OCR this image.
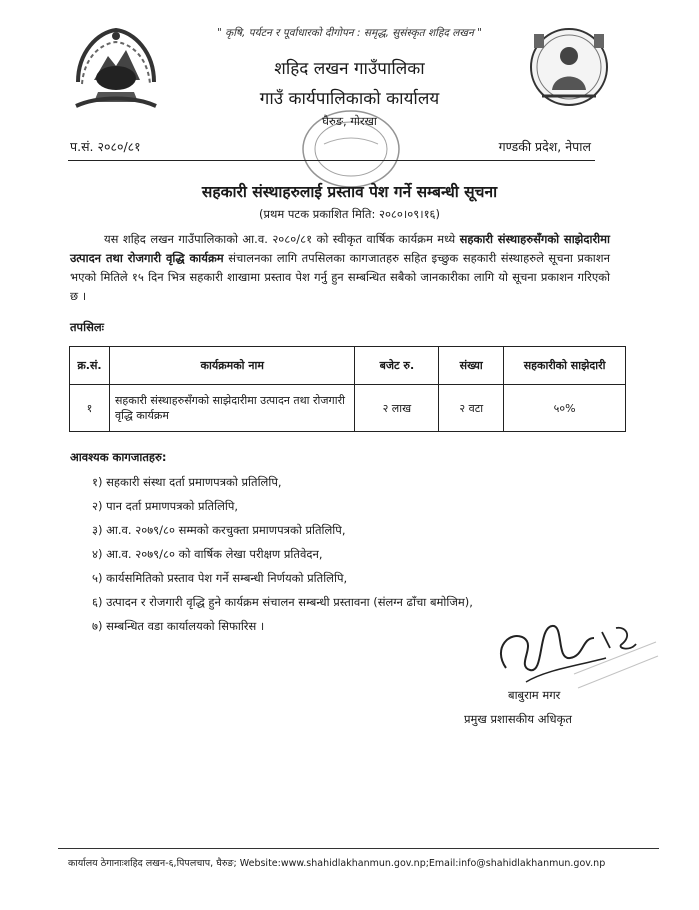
" कृषि, पर्यटन र पूर्वाधारको दीगोपन : समृद्ध, सुसंस्कृत शहिद लखन "
शहिद लखन गाउँपालिका
गाउँ कार्यपालिकाको कार्यालय
घैरुङ, गोरखा
प.सं. २०८०/८१	गण्डकी प्रदेश, नेपाल
सहकारी संस्थाहरुलाई प्रस्ताव पेश गर्ने सम्बन्धी सूचना
(प्रथम पटक प्रकाशित मिति: २०८०।०९।१६)
यस शहिद लखन गाउँपालिकाको आ.व. २०८०/८१ को स्वीकृत वार्षिक कार्यक्रम मध्ये सहकारी संस्थाहरुसँगको साझेदारीमा उत्पादन तथा रोजगारी वृद्धि कार्यक्रम संचालनका लागि तपसिलका कागजातहरु सहित इच्छुक सहकारी संस्थाहरुले सूचना प्रकाशन भएको मितिले १५ दिन भित्र सहकारी शाखामा प्रस्ताव पेश गर्नु हुन सम्बन्धित सबैको जानकारीका लागि यो सूचना प्रकाशन गरिएको छ ।
तपसिलः
क्र.सं.	कार्यक्रमको नाम	बजेट रु.	संख्या	सहकारीको साझेदारी
१	सहकारी संस्थाहरुसँगको साझेदारीमा उत्पादन तथा रोजगारी वृद्धि कार्यक्रम	२ लाख	२ वटा	५०%
आवश्यक कागजातहरु:
१) सहकारी संस्था दर्ता प्रमाणपत्रको प्रतिलिपि,
२) पान दर्ता प्रमाणपत्रको प्रतिलिपि,
३) आ.व. २०७९/८० सम्मको करचुक्ता प्रमाणपत्रको प्रतिलिपि,
४) आ.व. २०७९/८० को वार्षिक लेखा परीक्षण प्रतिवेदन,
५) कार्यसमितिको प्रस्ताव पेश गर्ने सम्बन्धी निर्णयको प्रतिलिपि,
६) उत्पादन र रोजगारी वृद्धि हुने कार्यक्रम संचालन सम्बन्धी प्रस्तावना (संलग्न ढाँचा बमोजिम),
७) सम्बन्धित वडा कार्यालयको सिफारिस ।
बाबुराम मगर
प्रमुख प्रशासकीय अधिकृत
कार्यालय ठेगानाःशहिद लखन-६,पिपलचाप, घैरुङ; Website:www.shahidlakhanmun.gov.np;Email:info@shahidlakhanmun.gov.np
